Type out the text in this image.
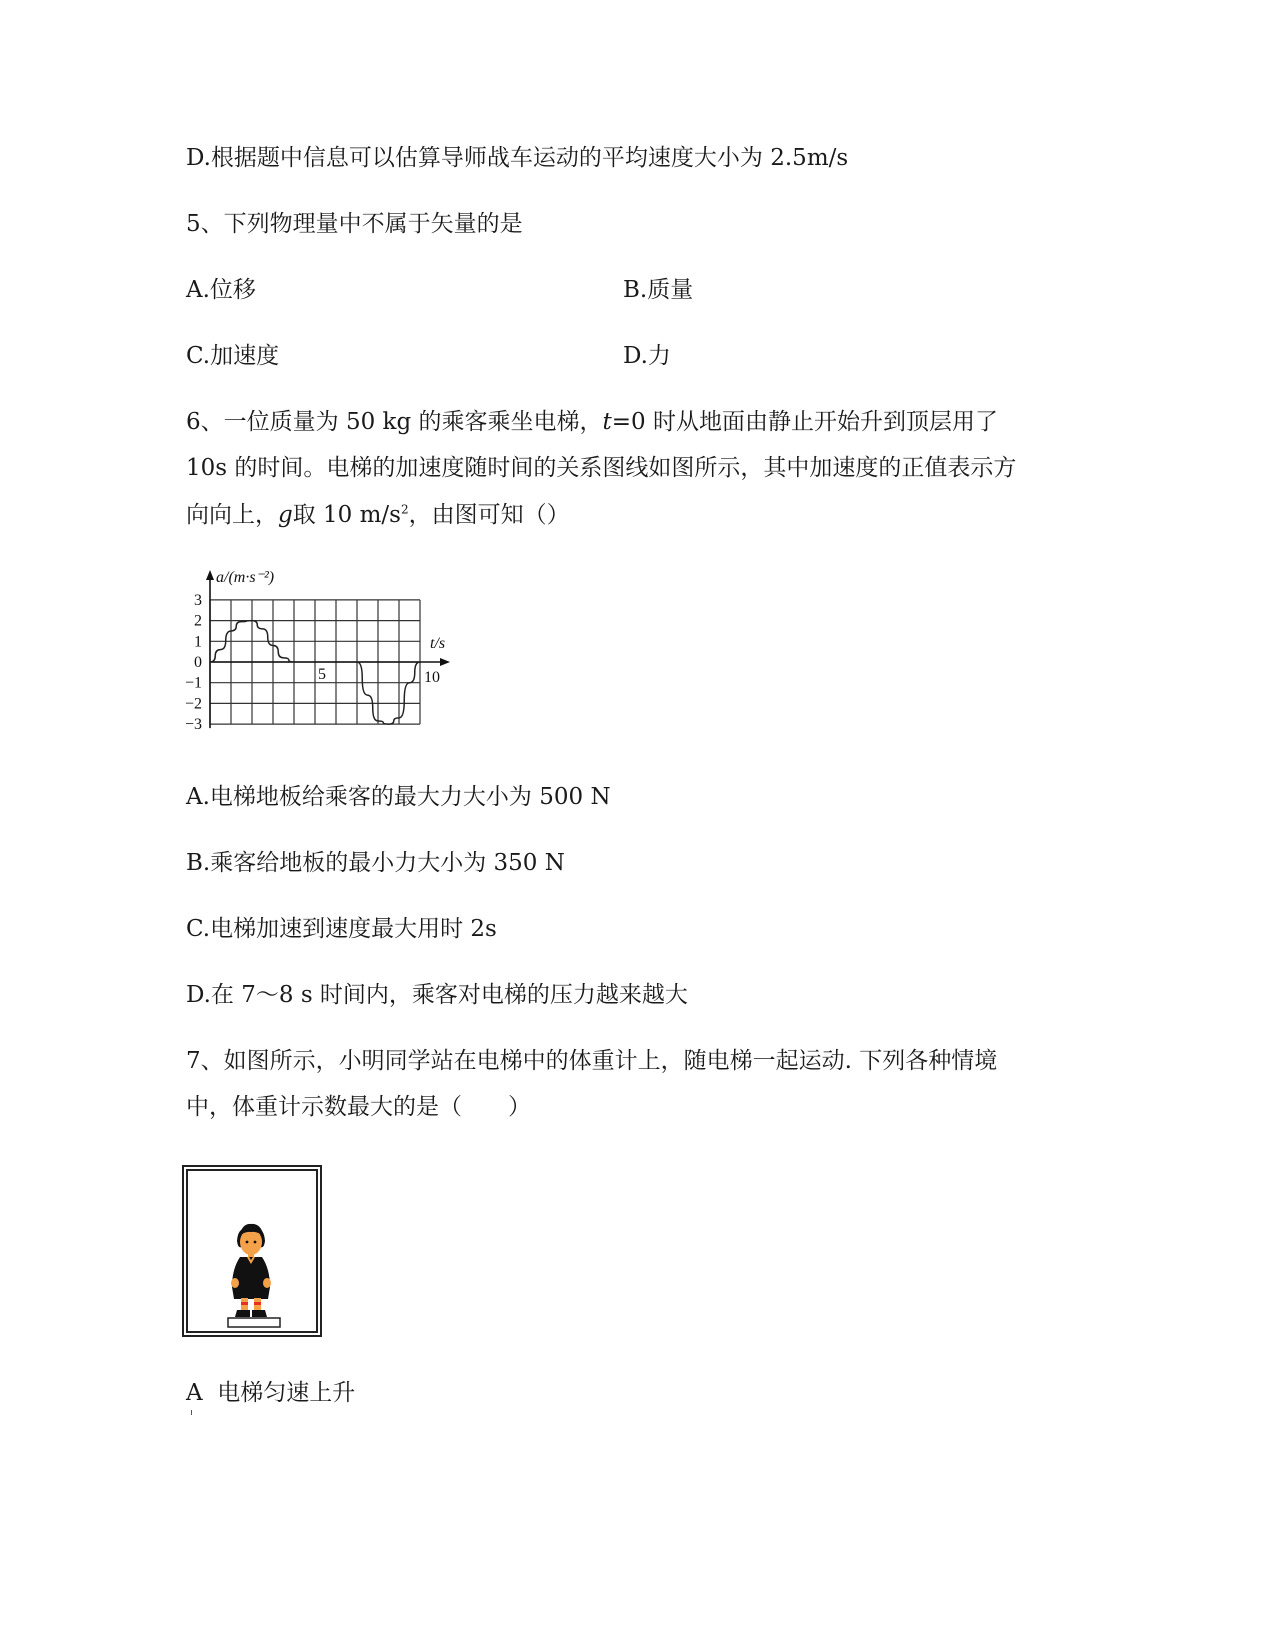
D.根据题中信息可以估算导师战车运动的平均速度大小为 2.5m/s
5、下列物理量中不属于矢量的是
A.位移	B.质量
C.加速度	D.力
6、一位质量为 50 kg 的乘客乘坐电梯，t=0 时从地面由静止开始升到顶层用了
10s 的时间。电梯的加速度随时间的关系图线如图所示，其中加速度的正值表示方
向向上，g取 10 $m/s^2$，由图可知（）
3
2
1
0
−1
−2
−3
5	10
a/(m·s⁻²)
t/s
A.电梯地板给乘客的最大力大小为 500 N
B.乘客给地板的最小力大小为 350 N
C.电梯加速到速度最大用时 2s
D.在 7～8 s 时间内，乘客对电梯的压力越来越大
7、如图所示，小明同学站在电梯中的体重计上，随电梯一起运动. 下列各种情境
中，体重计示数最大的是（　　）
A 电梯匀速上升
